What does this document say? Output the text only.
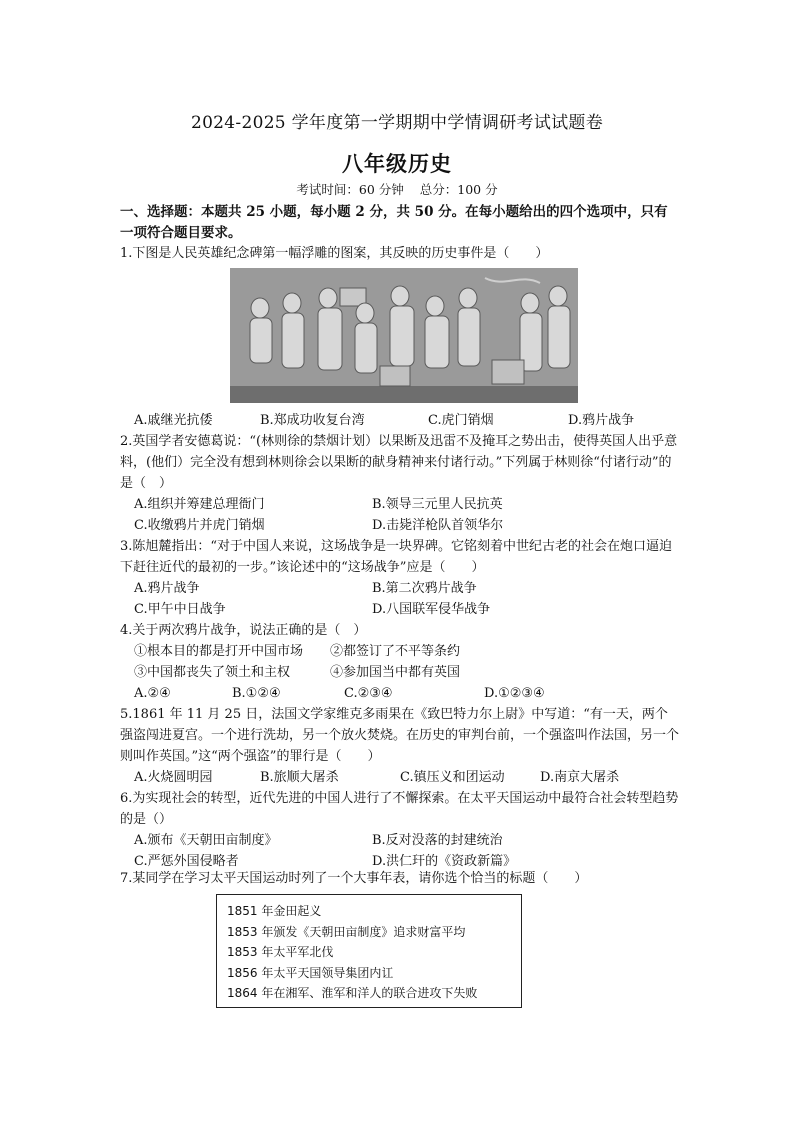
2024-2025 学年度第一学期期中学情调研考试试题卷
八年级历史
考试时间：60 分钟 总分：100 分
一、选择题：本题共 25 小题，每小题 2 分，共 50 分。在每小题给出的四个选项中，只有一项符合题目要求。
1.下图是人民英雄纪念碑第一幅浮雕的图案，其反映的历史事件是（　　）
A.戚继光抗倭	B.郑成功收复台湾	C.虎门销烟	D.鸦片战争
2.英国学者安德葛说：“(林则徐的禁烟计划）以果断及迅雷不及掩耳之势出击，使得英国人出乎意料，(他们）完全没有想到林则徐会以果断的献身精神来付诸行动。”下列属于林则徐“付诸行动”的是（　）
A.组织并筹建总理衙门	B.领导三元里人民抗英
C.收缴鸦片并虎门销烟	D.击毙洋枪队首领华尔
3.陈旭麓指出：“对于中国人来说，这场战争是一块界碑。它铭刻着中世纪古老的社会在炮口逼迫下赶往近代的最初的一步。”该论述中的“这场战争”应是（　　）
A.鸦片战争	B.第二次鸦片战争
C.甲午中日战争	D.八国联军侵华战争
4.关于两次鸦片战争，说法正确的是（　）
①根本目的都是打开中国市场 ②都签订了不平等条约
③中国都丧失了领土和主权	④参加国当中都有英国
A.②④	B.①②④	C.②③④	D.①②③④
5.1861 年 11 月 25 日，法国文学家维克多雨果在《致巴特力尔上尉》中写道：“有一天，两个强盗闯进夏宫。一个进行洗劫，另一个放火焚烧。在历史的审判台前，一个强盗叫作法国，另一个则叫作英国。”这“两个强盗”的罪行是（　　）
A.火烧圆明园	B.旅顺大屠杀	C.镇压义和团运动	D.南京大屠杀
6.为实现社会的转型，近代先进的中国人进行了不懈探索。在太平天国运动中最符合社会转型趋势的是（）
A.颁布《天朝田亩制度》	B.反对没落的封建统治
C.严惩外国侵略者	D.洪仁玕的《资政新篇》
7.某同学在学习太平天国运动时列了一个大事年表，请你选个恰当的标题（　　）
1851 年金田起义
1853 年颁发《天朝田亩制度》追求财富平均
1853 年太平军北伐
1856 年太平天国领导集团内讧
1864 年在湘军、淮军和洋人的联合进攻下失败
